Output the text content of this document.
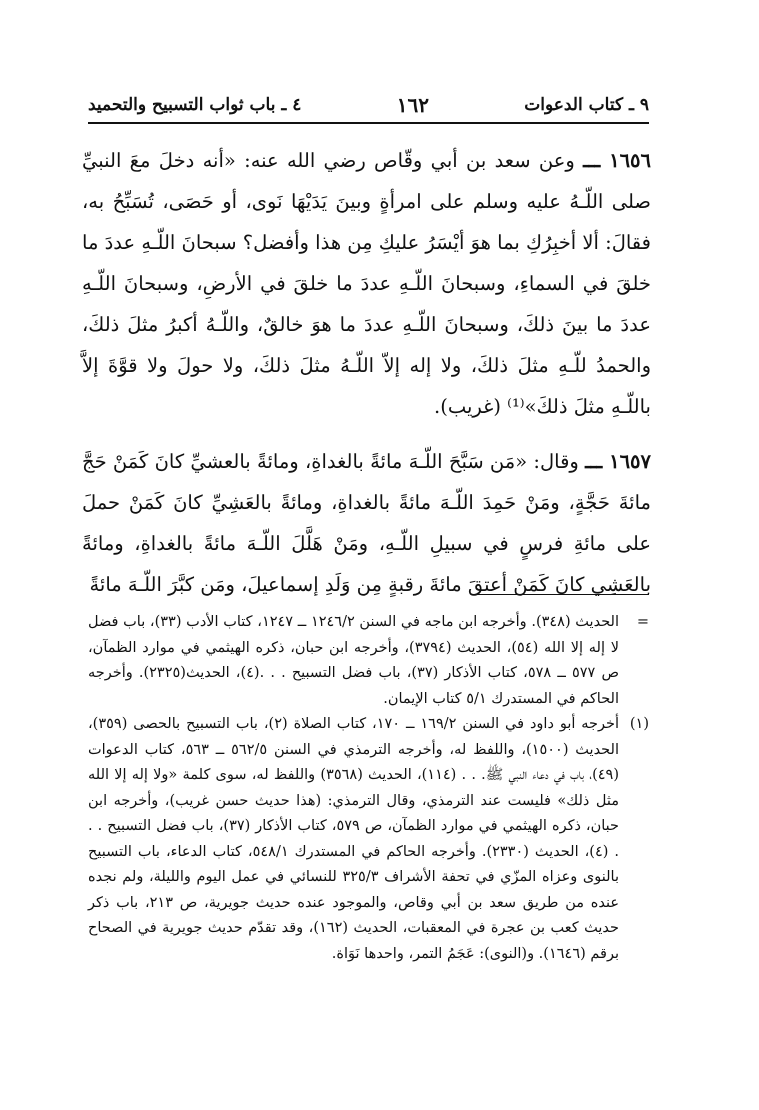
٩ ـ كتاب الدعوات
١٦٢
٤ ـ باب ثواب التسبيح والتحميد

١٦٥٦ ـــ وعن سعد بن أبي وقّاص رضي الله عنه: «أنه دخلَ معَ النبيِّ صلى اللّـهُ عليه وسلم على امرأةٍ وبينَ يَدَيْهَا نَوى، أو حَصَى، تُسَبِّحُ به، فقالَ: ألا أخبِرُكِ بما هوَ أيْسَرُ عليكِ مِن هذا وأفضل؟ سبحانَ اللّـهِ عددَ ما خلقَ في السماءِ، وسبحانَ اللّـهِ عددَ ما خلقَ في الأرضِ، وسبحانَ اللّـهِ عددَ ما بينَ ذلكَ، وسبحانَ اللّـهِ عددَ ما هوَ خالقٌ، واللّـهُ أكبرُ مثلَ ذلكَ، والحمدُ للّـهِ مثلَ ذلكَ، ولا إله إلاّ اللّـهُ مثلَ ذلكَ، ولا حولَ ولا قوَّةَ إلاَّ باللّـهِ مثلَ ذلكَ»⁽¹⁾ (غريب).

١٦٥٧ ـــ وقال: «مَن سَبَّحَ اللّـهَ مائةً بالغداةِ، ومائةً بالعشيِّ كانَ كَمَنْ حَجَّ مائةَ حَجَّةٍ، ومَنْ حَمِدَ اللّـهَ مائةً بالغداةِ، ومائةً بالعَشِيِّ كانَ كَمَنْ حملَ على مائةِ فرسٍ في سبيلِ اللّـهِ، ومَنْ هَلَّلَ اللّـهَ مائةً بالغداةِ، ومائةً بالعَشِي كانَ كَمَنْ أعتقَ مائةَ رقبةٍ مِن وَلَدِ إسماعيلَ، ومَن كبَّرَ اللّـهَ مائةً

=
الحديث (٣٤٨). وأخرجه ابن ماجه في السنن ١٢٤٦/٢ ــ ١٢٤٧، كتاب الأدب (٣٣)، باب فضل لا إله إلا الله (٥٤)، الحديث (٣٧٩٤)، وأخرجه ابن حبان، ذكره الهيثمي في موارد الظمآن، ص ٥٧٧ ــ ٥٧٨، كتاب الأذكار (٣٧)، باب فضل التسبيح . . .(٤)، الحديث(٢٣٢٥). وأخرجه الحاكم في المستدرك ٥/١ كتاب الإيمان.
(١)
أخرجه أبو داود في السنن ١٦٩/٢ ــ ١٧٠، كتاب الصلاة (٢)، باب التسبيح بالحصى (٣٥٩)، الحديث (١٥٠٠)، واللفظ له، وأخرجه الترمذي في السنن ٥٦٢/٥ ــ ٥٦٣، كتاب الدعوات (٤٩)، باب في دعاء النبي ﷺ. . . (١١٤)، الحديث (٣٥٦٨) واللفظ له، سوى كلمة «ولا إله إلا الله مثل ذلك» فليست عند الترمذي، وقال الترمذي: (هذا حديث حسن غريب)، وأخرجه ابن حبان، ذكره الهيثمي في موارد الظمآن، ص ٥٧٩، كتاب الأذكار (٣٧)، باب فضل التسبيح . . . (٤)، الحديث (٢٣٣٠). وأخرجه الحاكم في المستدرك ٥٤٨/١، كتاب الدعاء، باب التسبيح بالنوى وعزاه المزّي في تحفة الأشراف ٣٢٥/٣ للنسائي في عمل اليوم والليلة، ولم نجده عنده من طريق سعد بن أبي وقاص، والموجود عنده حديث جويرية، ص ٢١٣، باب ذكر حديث كعب بن عجرة في المعقبات، الحديث (١٦٢)، وقد تقدّم حديث جويرية في الصحاح برقم (١٦٤٦). و(النوى): عَجَمُ التمر، واحدها نَوَاة.
